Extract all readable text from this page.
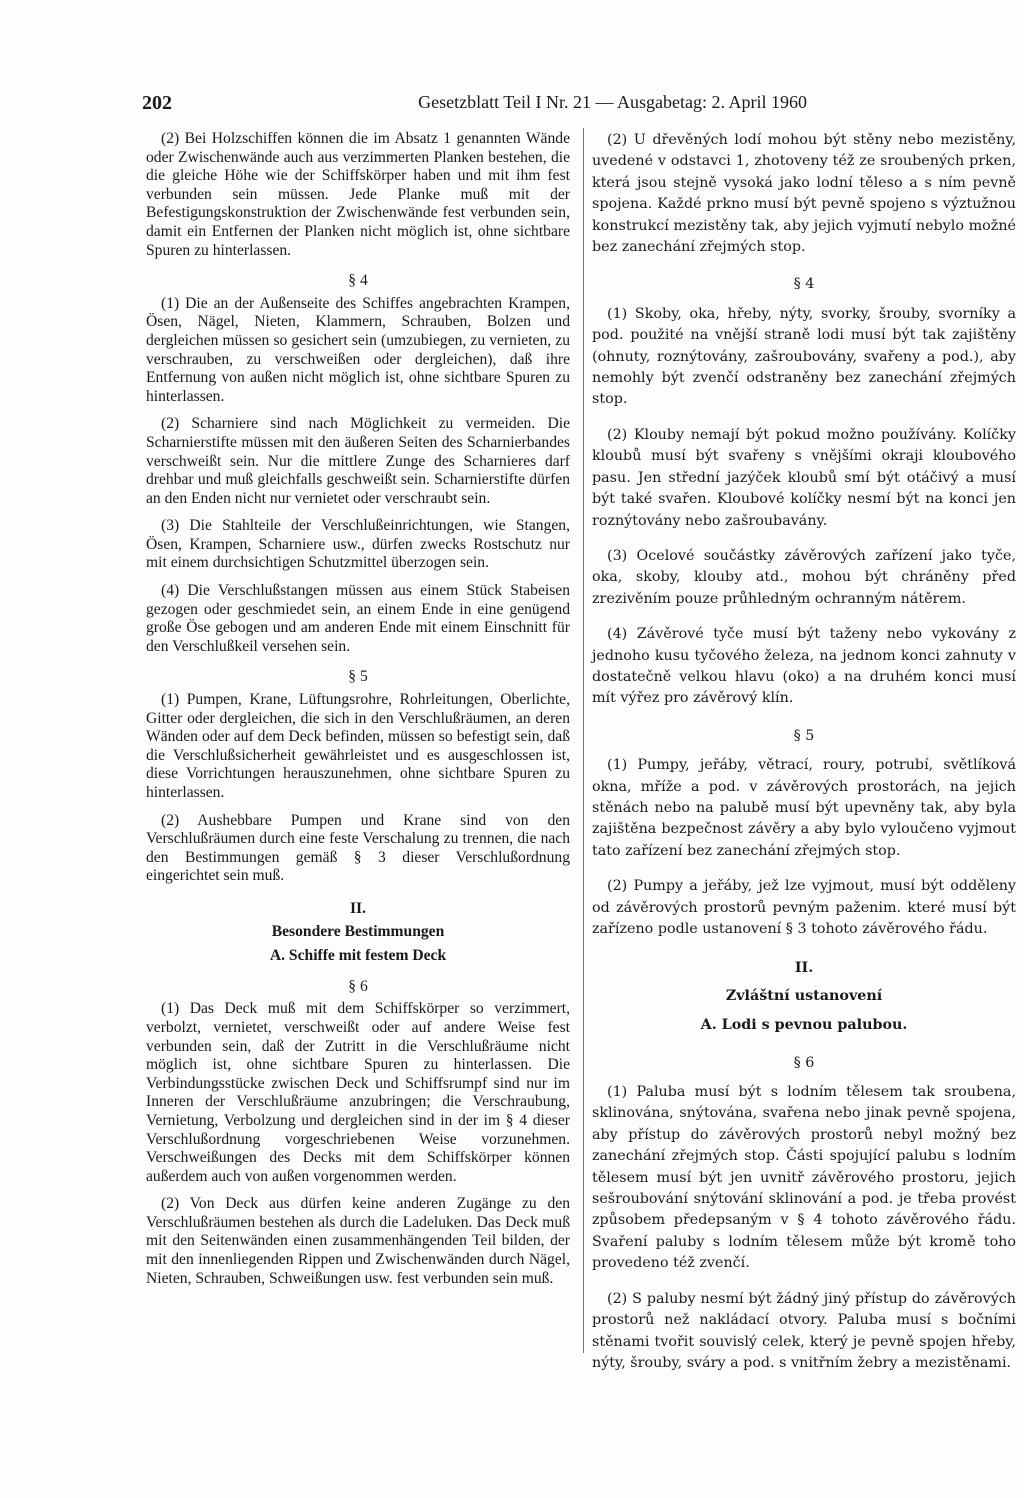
202	Gesetzblatt Teil I Nr. 21 — Ausgabetag: 2. April 1960

(2) Bei Holzschiffen können die im Absatz 1 genannten Wände oder Zwischenwände auch aus verzimmerten Planken bestehen, die die gleiche Höhe wie der Schiffskörper haben und mit ihm fest verbunden sein müssen. Jede Planke muß mit der Befestigungskonstruktion der Zwischenwände fest verbunden sein, damit ein Entfernen der Planken nicht möglich ist, ohne sichtbare Spuren zu hinterlassen.

§ 4

(1) Die an der Außenseite des Schiffes angebrachten Krampen, Ösen, Nägel, Nieten, Klammern, Schrauben, Bolzen und dergleichen müssen so gesichert sein (umzubiegen, zu vernieten, zu verschrauben, zu verschweißen oder dergleichen), daß ihre Entfernung von außen nicht möglich ist, ohne sichtbare Spuren zu hinterlassen.

(2) Scharniere sind nach Möglichkeit zu vermeiden. Die Scharnierstifte müssen mit den äußeren Seiten des Scharnierbandes verschweißt sein. Nur die mittlere Zunge des Scharnieres darf drehbar und muß gleichfalls geschweißt sein. Scharnierstifte dürfen an den Enden nicht nur vernietet oder verschraubt sein.

(3) Die Stahlteile der Verschlußeinrichtungen, wie Stangen, Ösen, Krampen, Scharniere usw., dürfen zwecks Rostschutz nur mit einem durchsichtigen Schutzmittel überzogen sein.

(4) Die Verschlußstangen müssen aus einem Stück Stabeisen gezogen oder geschmiedet sein, an einem Ende in eine genügend große Öse gebogen und am anderen Ende mit einem Einschnitt für den Verschlußkeil versehen sein.

§ 5

(1) Pumpen, Krane, Lüftungsrohre, Rohrleitungen, Oberlichte, Gitter oder dergleichen, die sich in den Verschlußräumen, an deren Wänden oder auf dem Deck befinden, müssen so befestigt sein, daß die Verschlußsicherheit gewährleistet und es ausgeschlossen ist, diese Vorrichtungen herauszunehmen, ohne sichtbare Spuren zu hinterlassen.

(2) Aushebbare Pumpen und Krane sind von den Verschlußräumen durch eine feste Verschalung zu trennen, die nach den Bestimmungen gemäß § 3 dieser Verschlußordnung eingerichtet sein muß.

II.

Besondere Bestimmungen

A. Schiffe mit festem Deck

§ 6

(1) Das Deck muß mit dem Schiffskörper so verzimmert, verbolzt, vernietet, verschweißt oder auf andere Weise fest verbunden sein, daß der Zutritt in die Verschlußräume nicht möglich ist, ohne sichtbare Spuren zu hinterlassen. Die Verbindungsstücke zwischen Deck und Schiffsrumpf sind nur im Inneren der Verschlußräume anzubringen; die Verschraubung, Vernietung, Verbolzung und dergleichen sind in der im § 4 dieser Verschlußordnung vorgeschriebenen Weise vorzunehmen. Verschweißungen des Decks mit dem Schiffskörper können außerdem auch von außen vorgenommen werden.

(2) Von Deck aus dürfen keine anderen Zugänge zu den Verschlußräumen bestehen als durch die Ladeluken. Das Deck muß mit den Seitenwänden einen zusammenhängenden Teil bilden, der mit den innenliegenden Rippen und Zwischenwänden durch Nägel, Nieten, Schrauben, Schweißungen usw. fest verbunden sein muß.

(2) U dřevěných lodí mohou být stěny nebo mezistěny, uvedené v odstavci 1, zhotoveny též ze sroubených prken, která jsou stejně vysoká jako lodní těleso a s ním pevně spojena. Každé prkno musí být pevně spojeno s výztužnou konstrukcí mezistěny tak, aby jejich vyjmutí nebylo možné bez zanechání zřejmých stop.

§ 4

(1) Skoby, oka, hřeby, nýty, svorky, šrouby, svorníky a pod. použité na vnější straně lodi musí být tak zajištěny (ohnuty, roznýtovány, zašroubovány, svařeny a pod.), aby nemohly být zvenčí odstraněny bez zanechání zřejmých stop.

(2) Klouby nemají být pokud možno používány. Kolíčky kloubů musí být svařeny s vnějšími okraji kloubového pasu. Jen střední jazýček kloubů smí být otáčivý a musí být také svařen. Kloubové kolíčky nesmí být na konci jen roznýtovány nebo zašroubavány.

(3) Ocelové součástky závěrových zařízení jako tyče, oka, skoby, klouby atd., mohou být chráněny před zrezivěním pouze průhledným ochranným nátěrem.

(4) Závěrové tyče musí být taženy nebo vykovány z jednoho kusu tyčového železa, na jednom konci zahnuty v dostatečně velkou hlavu (oko) a na druhém konci musí mít výřez pro závěrový klín.

§ 5

(1) Pumpy, jeřáby, větrací, roury, potrubí, světlíková okna, mříže a pod. v závěrových prostorách, na jejich stěnách nebo na palubě musí být upevněny tak, aby byla zajištěna bezpečnost závěry a aby bylo vyloučeno vyjmout tato zařízení bez zanechání zřejmých stop.

(2) Pumpy a jeřáby, jež lze vyjmout, musí být odděleny od závěrových prostorů pevným paženim. které musí být zařízeno podle ustanovení § 3 tohoto závěrového řádu.

II.

Zvláštní ustanovení

A. Lodi s pevnou palubou.

§ 6

(1) Paluba musí být s lodním tělesem tak sroubena, sklinována, snýtována, svařena nebo jinak pevně spojena, aby přístup do závěrových prostorů nebyl možný bez zanechání zřejmých stop. Části spojující palubu s lodním tělesem musí být jen uvnitř závěrového prostoru, jejich sešroubování snýtování sklinování a pod. je třeba provést způsobem předepsaným v § 4 tohoto závěrového řádu. Svaření paluby s lodním tělesem může být kromě toho provedeno též zvenčí.

(2) S paluby nesmí být žádný jiný přístup do závěrových prostorů než nakládací otvory. Paluba musí s bočními stěnami tvořit souvislý celek, který je pevně spojen hřeby, nýty, šrouby, sváry a pod. s vnitřním žebry a mezistěnami.
